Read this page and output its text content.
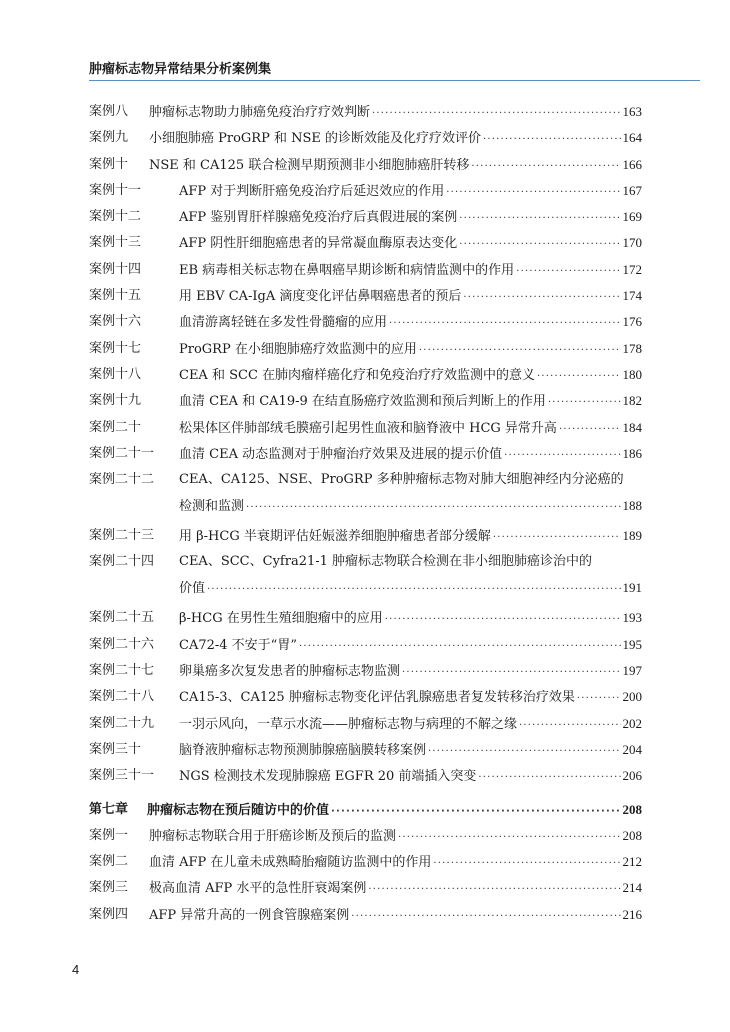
肿瘤标志物异常结果分析案例集
案例八 肿瘤标志物助力肺癌免疫治疗疗效判断 ·····	163
案例九 小细胞肺癌 ProGRP 和 NSE 的诊断效能及化疗疗效评价 ·····	164
案例十 NSE 和 CA125 联合检测早期预测非小细胞肺癌肝转移 ·····	166
案例十一	AFP 对于判断肝癌免疫治疗后延迟效应的作用 ·····	167
案例十二	AFP 鉴别胃肝样腺癌免疫治疗后真假进展的案例 ·····	169
案例十三	AFP 阴性肝细胞癌患者的异常凝血酶原表达变化 ·····	170
案例十四	EB 病毒相关标志物在鼻咽癌早期诊断和病情监测中的作用 ·····	172
案例十五	用 EBV CA-IgA 滴度变化评估鼻咽癌患者的预后 ·····	174
案例十六	血清游离轻链在多发性骨髓瘤的应用 ·····	176
案例十七	ProGRP 在小细胞肺癌疗效监测中的应用 ·····	178
案例十八	CEA 和 SCC 在肺肉瘤样癌化疗和免疫治疗疗效监测中的意义 ·····	180
案例十九	血清 CEA 和 CA19-9 在结直肠癌疗效监测和预后判断上的作用 ·····	182
案例二十	松果体区伴肺部绒毛膜癌引起男性血液和脑脊液中 HCG 异常升高 ·····	184
案例二十一 血清 CEA 动态监测对于肿瘤治疗效果及进展的提示价值 ·····	186
案例二十二 CEA、CA125、NSE、ProGRP 多种肿瘤标志物对肺大细胞神经内分泌癌的
检测和监测 ·····	188
案例二十三 用 β-HCG 半衰期评估妊娠滋养细胞肿瘤患者部分缓解 ·····	189
案例二十四 CEA、SCC、Cyfra21-1 肿瘤标志物联合检测在非小细胞肺癌诊治中的
价值 ·····	191
案例二十五 β-HCG 在男性生殖细胞瘤中的应用 ·····	193
案例二十六 CA72-4 不安于“胃” ·····	195
案例二十七 卵巢癌多次复发患者的肿瘤标志物监测 ·····	197
案例二十八 CA15-3、CA125 肿瘤标志物变化评估乳腺癌患者复发转移治疗效果 ·····	200
案例二十九 一羽示风向，一草示水流——肿瘤标志物与病理的不解之缘 ·····	202
案例三十	脑脊液肿瘤标志物预测肺腺癌脑膜转移案例 ·····	204
案例三十一 NGS 检测技术发现肺腺癌 EGFR 20 前端插入突变 ·····	206
第七章 肿瘤标志物在预后随访中的价值 ·····	208
案例一 肿瘤标志物联合用于肝癌诊断及预后的监测 ·····	208
案例二 血清 AFP 在儿童未成熟畸胎瘤随访监测中的作用 ·····	212
案例三 极高血清 AFP 水平的急性肝衰竭案例 ·····	214
案例四 AFP 异常升高的一例食管腺癌案例 ·····	216
4
